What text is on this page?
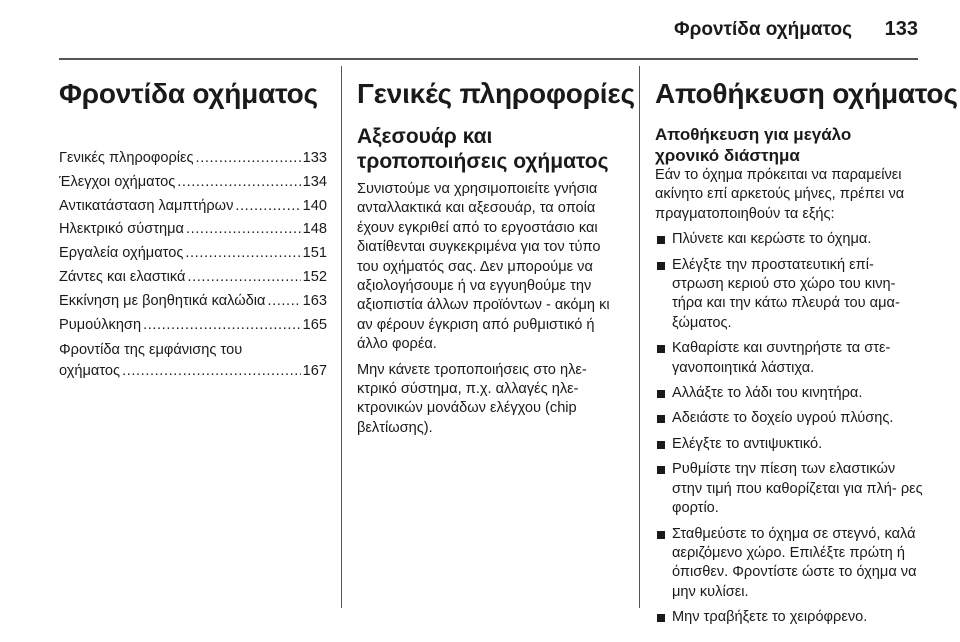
Φροντίδα οχήματος 133
Φροντίδα οχήματος
Γενικές πληροφορίες .....	133
Έλεγχοι οχήματος .....	134
Αντικατάσταση λαμπτήρων .....	140
Ηλεκτρικό σύστημα .....	148
Εργαλεία οχήματος .....	151
Ζάντες και ελαστικά .....	152
Εκκίνηση με βοηθητικά καλώδια .....	163
Ρυμούλκηση .....	165
Φροντίδα της εμφάνισης του
οχήματος .....	167
Γενικές πληροφορίες
Αξεσουάρ και
τροποποιήσεις οχήματος

Συνιστούμε να χρησιμοποιείτε γνήσια ανταλλακτικά και αξεσουάρ, τα οποία έχουν εγκριθεί από το εργοστάσιο και διατίθενται συγκεκριμένα για τον τύπο του οχήματός σας. Δεν μπορούμε να αξιολογήσουμε ή να εγγυηθούμε την αξιοπιστία άλλων προϊόντων - ακόμη κι αν φέρουν έγκριση από ρυθμιστικό ή άλλο φορέα.

Μην κάνετε τροποποιήσεις στο ηλε- κτρικό σύστημα, π.χ. αλλαγές ηλε- κτρονικών μονάδων ελέγχου (chip βελτίωσης).

Αποθήκευση οχήματος
Αποθήκευση για μεγάλο
χρονικό διάστημα

Εάν το όχημα πρόκειται να παραμείνει ακίνητο επί αρκετούς μήνες, πρέπει να πραγματοποιηθούν τα εξής:

Πλύνετε και κερώστε το όχημα.
Ελέγξτε την προστατευτική επί- στρωση κεριού στο χώρο του κινη- τήρα και την κάτω πλευρά του αμα- ξώματος.
Καθαρίστε και συντηρήστε τα στε- γανοποιητικά λάστιχα.
Αλλάξτε το λάδι του κινητήρα.
Αδειάστε το δοχείο υγρού πλύσης.
Ελέγξτε το αντιψυκτικό.
Ρυθμίστε την πίεση των ελαστικών στην τιμή που καθορίζεται για πλή- ρες φορτίο.
Σταθμεύστε το όχημα σε στεγνό, καλά αεριζόμενο χώρο. Επιλέξτε πρώτη ή όπισθεν. Φροντίστε ώστε το όχημα να μην κυλίσει.
Μην τραβήξετε το χειρόφρενο.
